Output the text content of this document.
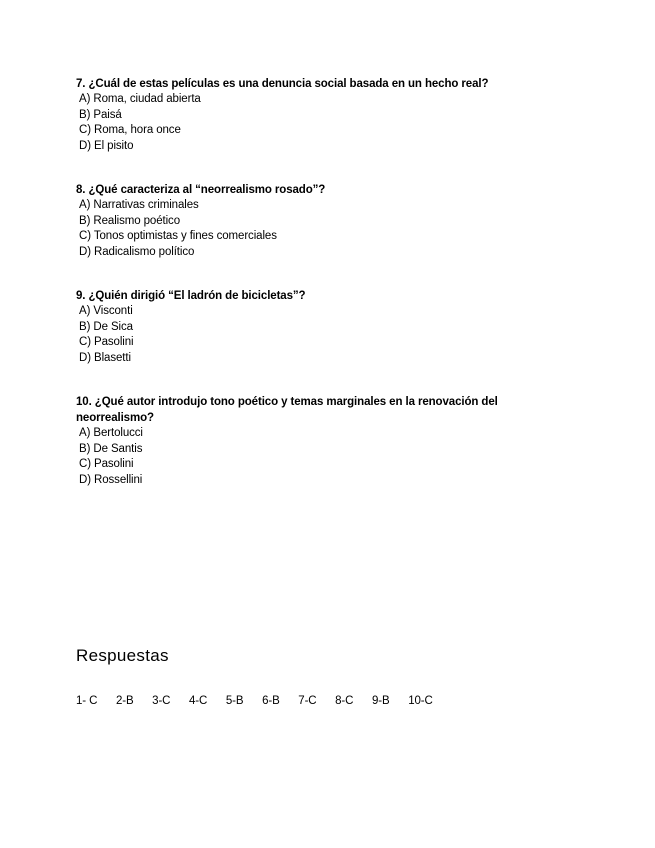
7. ¿Cuál de estas películas es una denuncia social basada en un hecho real?
A) Roma, ciudad abierta
B) Paisá
C) Roma, hora once
D) El pisito
8. ¿Qué caracteriza al “neorrealismo rosado”?
A) Narrativas criminales
B) Realismo poético
C) Tonos optimistas y fines comerciales
D) Radicalismo político
9. ¿Quién dirigió “El ladrón de bicicletas”?
A) Visconti
B) De Sica
C) Pasolini
D) Blasetti
10. ¿Qué autor introdujo tono poético y temas marginales en la renovación del neorrealismo?
A) Bertolucci
B) De Santis
C) Pasolini
D) Rossellini
Respuestas
1- C 2-B 3-C 4-C 5-B 6-B 7-C 8-C 9-B 10-C
